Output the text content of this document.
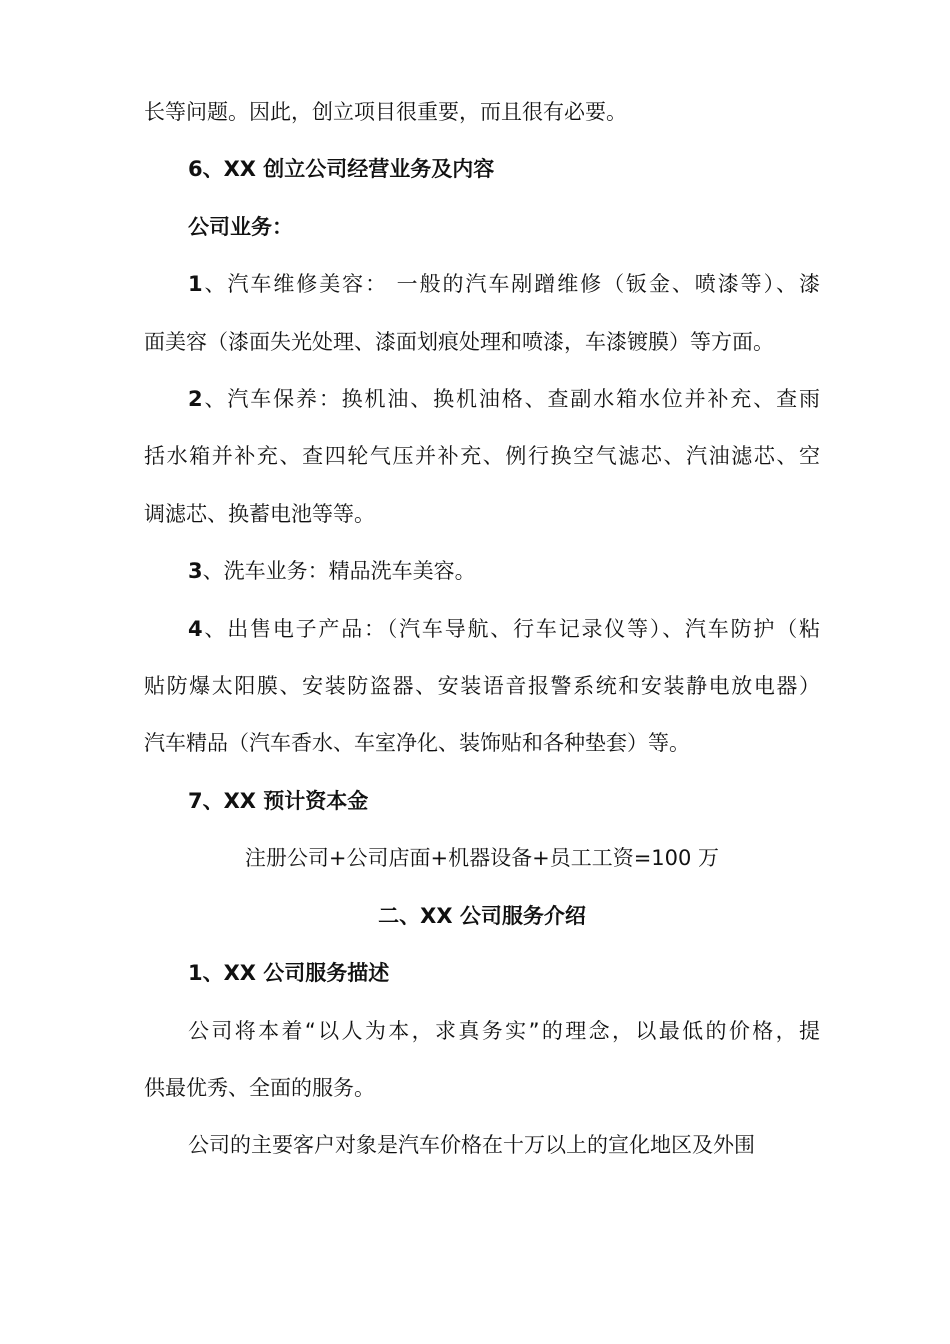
长等问题。因此，创立项目很重要，而且很有必要。

6、XX 创立公司经营业务及内容

公司业务：

1、汽车维修美容： 一般的汽车剐蹭维修（钣金、喷漆等）、漆

面美容（漆面失光处理、漆面划痕处理和喷漆，车漆镀膜）等方面。

2、汽车保养：换机油、换机油格、查副水箱水位并补充、查雨

括水箱并补充、查四轮气压并补充、例行换空气滤芯、汽油滤芯、空

调滤芯、换蓄电池等等。

3、洗车业务：精品洗车美容。

4、出售电子产品：（汽车导航、行车记录仪等）、汽车防护（粘

贴防爆太阳膜、安装防盗器、安装语音报警系统和安装静电放电器）

汽车精品（汽车香水、车室净化、装饰贴和各种垫套）等。

7、XX 预计资本金

注册公司+公司店面+机器设备+员工工资=100 万

二、XX 公司服务介绍

1、XX 公司服务描述

公司将本着“以人为本，求真务实”的理念，以最低的价格，提

供最优秀、全面的服务。

公司的主要客户对象是汽车价格在十万以上的宣化地区及外围
